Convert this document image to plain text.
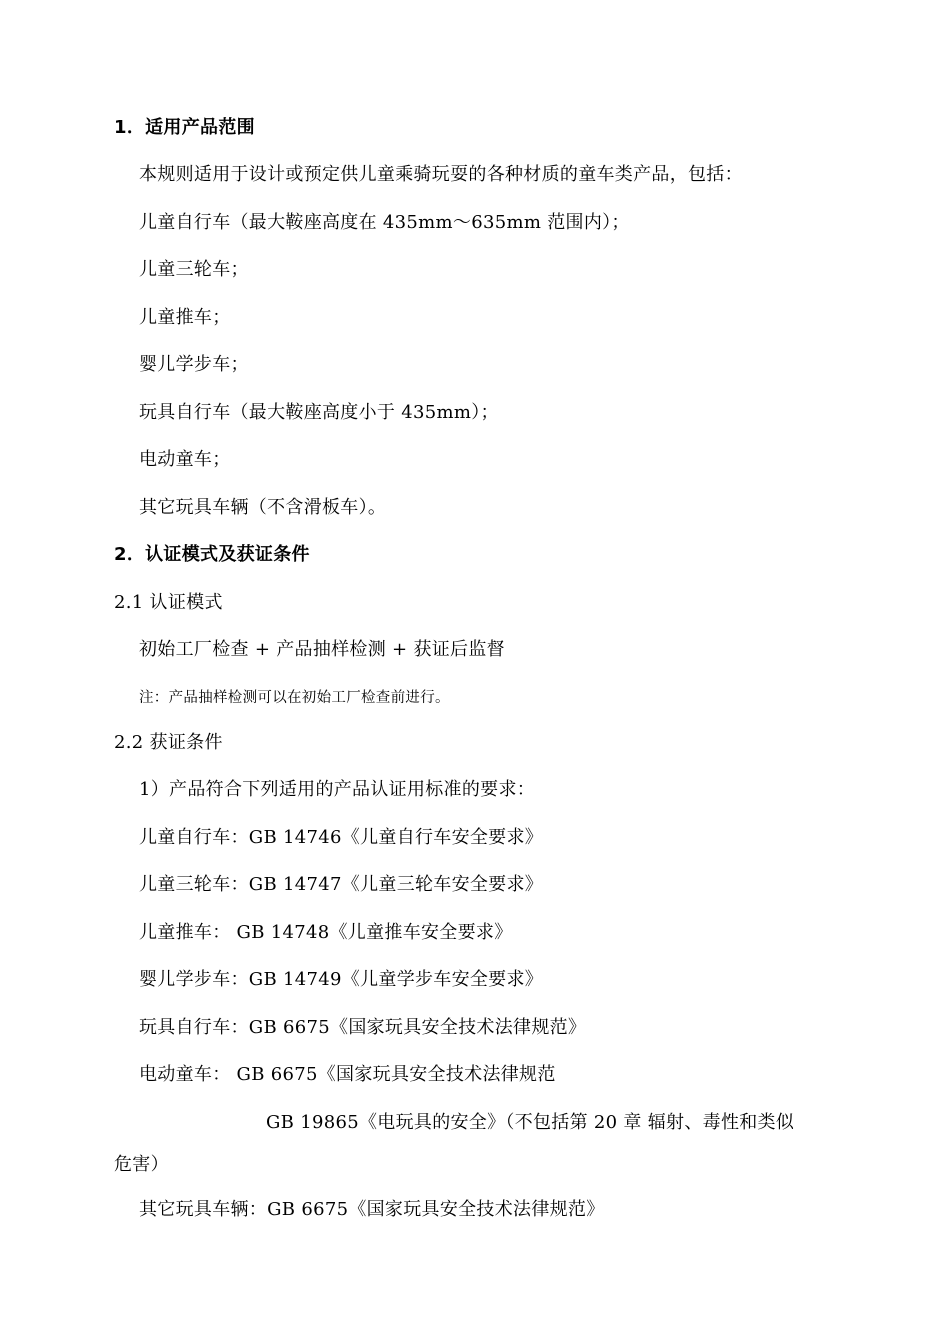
1．适用产品范围
本规则适用于设计或预定供儿童乘骑玩耍的各种材质的童车类产品，包括：
儿童自行车（最大鞍座高度在 435mm～635mm 范围内）；
儿童三轮车；
儿童推车；
婴儿学步车；
玩具自行车（最大鞍座高度小于 435mm）；
电动童车；
其它玩具车辆（不含滑板车）。
2．认证模式及获证条件
2.1 认证模式
初始工厂检查 + 产品抽样检测 + 获证后监督
注：产品抽样检测可以在初始工厂检查前进行。
2.2 获证条件
1）产品符合下列适用的产品认证用标准的要求：
儿童自行车：GB 14746《儿童自行车安全要求》
儿童三轮车：GB 14747《儿童三轮车安全要求》
儿童推车： GB 14748《儿童推车安全要求》
婴儿学步车：GB 14749《儿童学步车安全要求》
玩具自行车：GB 6675《国家玩具安全技术法律规范》
电动童车： GB 6675《国家玩具安全技术法律规范
GB 19865《电玩具的安全》（不包括第 20 章 辐射、毒性和类似
危害）
其它玩具车辆：GB 6675《国家玩具安全技术法律规范》
